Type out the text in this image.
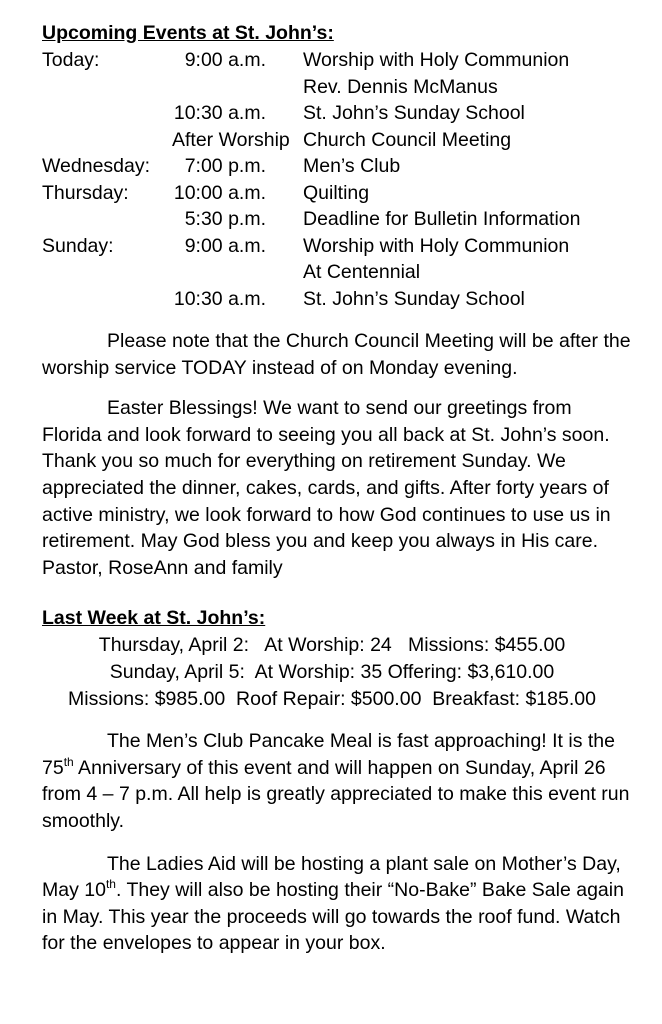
Upcoming Events at St. John’s:
Today:	9:00 a.m. Worship with Holy Communion
Rev. Dennis McManus
10:30 a.m. St. John’s Sunday School
After Worship Church Council Meeting
Wednesday:	7:00 p.m. Men’s Club
Thursday: 10:00 a.m. Quilting
5:30 p.m. Deadline for Bulletin Information
Sunday:	9:00 a.m. Worship with Holy Communion
At Centennial
10:30 a.m. St. John’s Sunday School
Please note that the Church Council Meeting will be after the worship service TODAY instead of on Monday evening.
Easter Blessings! We want to send our greetings from Florida and look forward to seeing you all back at St. John’s soon. Thank you so much for everything on retirement Sunday. We appreciated the dinner, cakes, cards, and gifts. After forty years of active ministry, we look forward to how God continues to use us in retirement. May God bless you and keep you always in His care. Pastor, RoseAnn and family
Last Week at St. John’s:
Thursday, April 2:   At Worship: 24   Missions: $455.00
Sunday, April 5:  At Worship: 35 Offering: $3,610.00
Missions: $985.00  Roof Repair: $500.00  Breakfast: $185.00
The Men’s Club Pancake Meal is fast approaching! It is the 75th Anniversary of this event and will happen on Sunday, April 26 from 4 – 7 p.m. All help is greatly appreciated to make this event run smoothly.
The Ladies Aid will be hosting a plant sale on Mother’s Day, May 10th. They will also be hosting their “No-Bake” Bake Sale again in May. This year the proceeds will go towards the roof fund. Watch for the envelopes to appear in your box.
